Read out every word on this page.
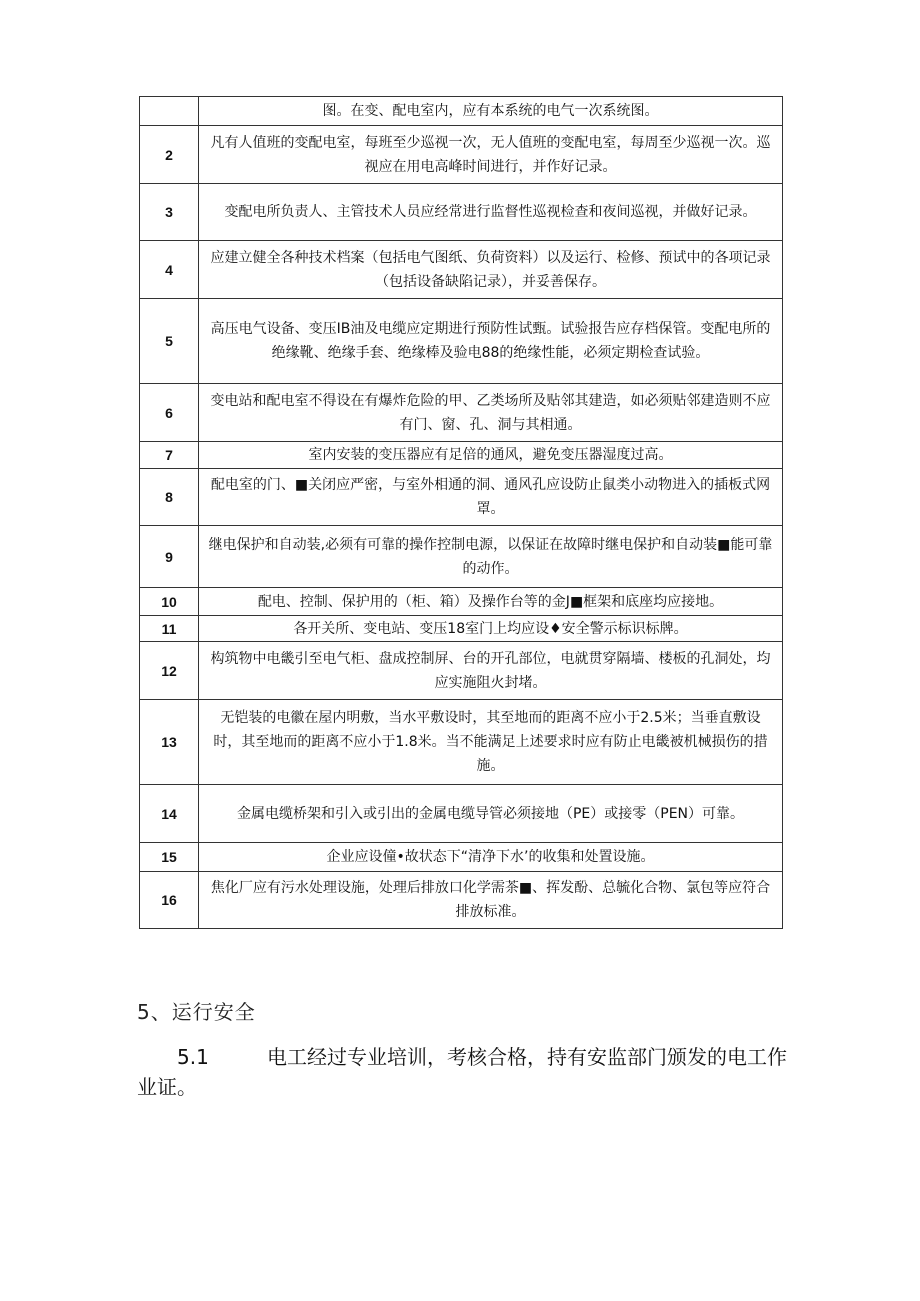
	图。在变、配电室内，应有本系统的电气一次系统图。
2	凡有人值班的变配电室，每班至少巡视一次，无人值班的变配电室，每周至少巡视一次。巡视应在用电高峰时间进行，并作好记录。
3	变配电所负责人、主管技术人员应经常进行监督性巡视检查和夜间巡视，并做好记录。
4	应建立健全各种技术档案（包括电气图纸、负荷资料）以及运行、检修、预试中的各项记录（包括设备缺陷记录），并妥善保存。
5	高压电气设备、变压IB油及电缆应定期进行预防性试甄。试验报告应存档保管。变配电所的绝缘靴、绝缘手套、绝缘棒及验电88的绝缘性能，必须定期检查试验。
6	变电站和配电室不得设在有爆炸危险的甲、乙类场所及贴邻其建造，如必须贴邻建造则不应有门、窗、孔、洞与其相通。
7	室内安装的变压器应有足倍的通风，避免变压器湿度过高。
8	配电室的门、■关闭应严密，与室外相通的洞、通风孔应设防止鼠类小动物进入的插板式网罩。
9	继电保护和自动装,必须有可靠的操作控制电源，以保证在故障时继电保护和自动装■能可靠的动作。
10	配电、控制、保护用的（柜、箱）及操作台等的金J■框架和底座均应接地。
11	各开关所、变电站、变压18室门上均应设♦安全警示标识标牌。
12	构筑物中电畿引至电气柜、盘成控制屏、台的开孔部位，电就贯穿隔墙、楼板的孔洞处，均应实施阻火封堵。
13	无铠装的电徽在屋内明敷，当水平敷设时，其至地而的距离不应小于2.5米；当垂直敷设时，其至地而的距离不应小于1.8米。当不能满足上述要求时应有防止电畿被机械损伤的措施。
14	金属电缆桥架和引入或引出的金属电缆导管必须接地（PE）或接零（PEN）可靠。
15	企业应设僮•故状态下“清净下水’的收集和处置设施。
16	焦化厂应有污水处理设施，处理后排放口化学需茶■、挥发酚、总毓化合物、氯包等应符合排放标准。
5、运行安全
5.1	电工经过专业培训，考核合格，持有安监部门颁发的电工作业证。
